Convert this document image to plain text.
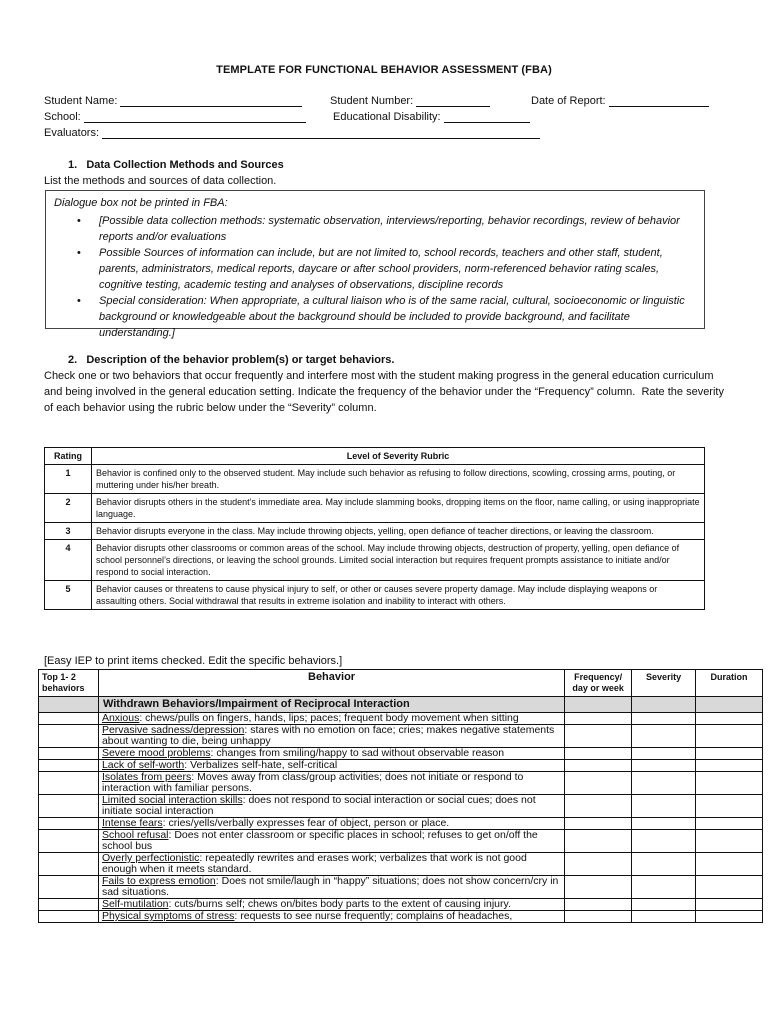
TEMPLATE FOR FUNCTIONAL BEHAVIOR ASSESSMENT (FBA)
Student Name:	Student Number:	Date of Report:
School:	Educational Disability:
Evaluators:
1.   Data Collection Methods and Sources
List the methods and sources of data collection.
Dialogue box not be printed in FBA:
• [Possible data collection methods: systematic observation, interviews/reporting, behavior recordings, review of behavior reports and/or evaluations
• Possible Sources of information can include, but are not limited to, school records, teachers and other staff, student, parents, administrators, medical reports, daycare or after school providers, norm-referenced behavior rating scales, cognitive testing, academic testing and analyses of observations, discipline records
• Special consideration: When appropriate, a cultural liaison who is of the same racial, cultural, socioeconomic or linguistic background or knowledgeable about the background should be included to provide background, and facilitate understanding.]
2.   Description of the behavior problem(s) or target behaviors.
Check one or two behaviors that occur frequently and interfere most with the student making progress in the general education curriculum and being involved in the general education setting. Indicate the frequency of the behavior under the “Frequency” column.  Rate the severity of each behavior using the rubric below under the “Severity” column.
Rating	Level of Severity Rubric
1	Behavior is confined only to the observed student. May include such behavior as refusing to follow directions, scowling, crossing arms, pouting, or muttering under his/her breath.
2	Behavior disrupts others in the student’s immediate area. May include slamming books, dropping items on the floor, name calling, or using inappropriate language.
3	Behavior disrupts everyone in the class. May include throwing objects, yelling, open defiance of teacher directions, or leaving the classroom.
4	Behavior disrupts other classrooms or common areas of the school. May include throwing objects, destruction of property, yelling, open defiance of school personnel’s directions, or leaving the school grounds. Limited social interaction but requires frequent prompts assistance to initiate and/or respond to social interaction.
5	Behavior causes or threatens to cause physical injury to self, or other or causes severe property damage. May include displaying weapons or assaulting others. Social withdrawal that results in extreme isolation and inability to interact with others.
[Easy IEP to print items checked. Edit the specific behaviors.]
Top 1- 2 behaviors	Behavior	Frequency/ day or week	Severity	Duration
	Withdrawn Behaviors/Impairment of Reciprocal Interaction			
	Anxious: chews/pulls on fingers, hands, lips; paces; frequent body movement when sitting			
	Pervasive sadness/depression: stares with no emotion on face; cries; makes negative statements about wanting to die, being unhappy			
	Severe mood problems: changes from smiling/happy to sad without observable reason			
	Lack of self-worth: Verbalizes self-hate, self-critical			
	Isolates from peers: Moves away from class/group activities; does not initiate or respond to interaction with familiar persons.			
	Limited social interaction skills: does not respond to social interaction or social cues; does not initiate social interaction			
	Intense fears: cries/yells/verbally expresses fear of object, person or place.			
	School refusal: Does not enter classroom or specific places in school; refuses to get on/off the school bus			
	Overly perfectionistic: repeatedly rewrites and erases work; verbalizes that work is not good enough when it meets standard.			
	Fails to express emotion: Does not smile/laugh in “happy” situations; does not show concern/cry in sad situations.			
	Self-mutilation: cuts/burns self; chews on/bites body parts to the extent of causing injury.			
	Physical symptoms of stress: requests to see nurse frequently; complains of headaches,			
